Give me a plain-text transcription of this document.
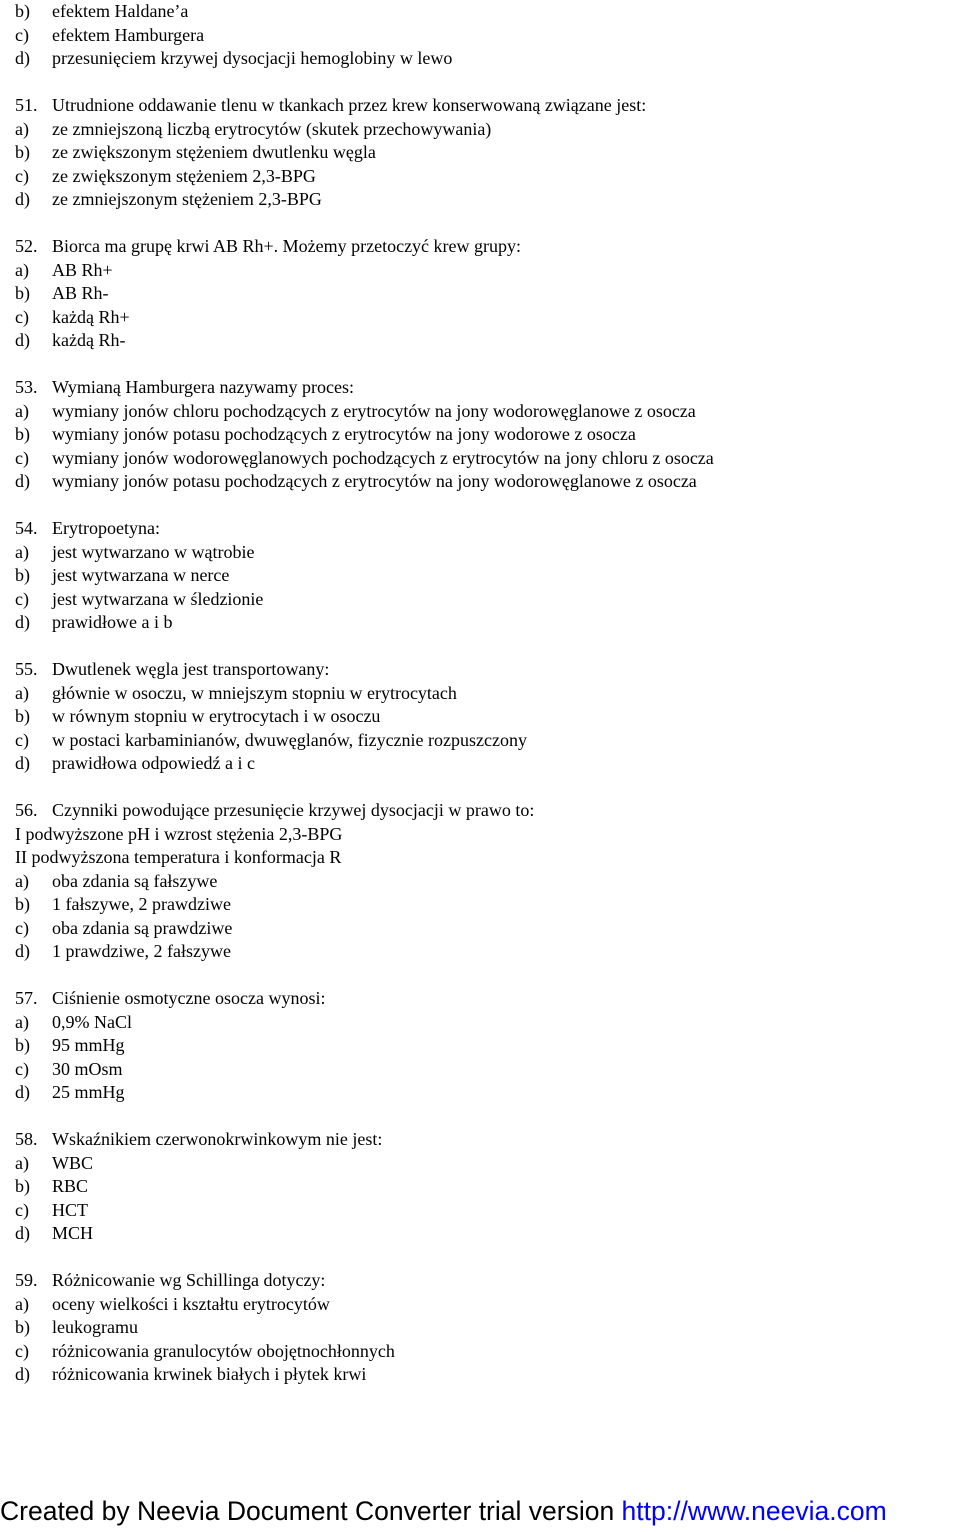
b) efektem Haldane’a
c) efektem Hamburgera
d) przesunięciem krzywej dysocjacji hemoglobiny w lewo
51. Utrudnione oddawanie tlenu w tkankach przez krew konserwowaną związane jest:
a) ze zmniejszoną liczbą erytrocytów (skutek przechowywania)
b) ze zwiększonym stężeniem dwutlenku węgla
c) ze zwiększonym stężeniem 2,3-BPG
d) ze zmniejszonym stężeniem 2,3-BPG
52. Biorca ma grupę krwi AB Rh+. Możemy przetoczyć krew grupy:
a) AB Rh+
b) AB Rh-
c) każdą Rh+
d) każdą Rh-
53. Wymianą Hamburgera nazywamy proces:
a) wymiany jonów chloru pochodzących z erytrocytów na jony wodorowęglanowe z osocza
b) wymiany jonów potasu pochodzących z erytrocytów na jony wodorowe z osocza
c) wymiany jonów wodorowęglanowych pochodzących z erytrocytów na jony chloru z osocza
d) wymiany jonów potasu pochodzących z erytrocytów na jony wodorowęglanowe z osocza
54. Erytropoetyna:
a) jest wytwarzano w wątrobie
b) jest wytwarzana w nerce
c) jest wytwarzana w śledzionie
d) prawidłowe a i b
55. Dwutlenek węgla jest transportowany:
a) głównie w osoczu, w mniejszym stopniu w erytrocytach
b) w równym stopniu w erytrocytach i w osoczu
c) w postaci karbaminianów, dwuwęglanów, fizycznie rozpuszczony
d) prawidłowa odpowiedź a i c
56. Czynniki powodujące przesunięcie krzywej dysocjacji w prawo to:
I podwyższone pH i wzrost stężenia 2,3-BPG
II podwyższona temperatura i konformacja R
a) oba zdania są fałszywe
b) 1 fałszywe, 2 prawdziwe
c) oba zdania są prawdziwe
d) 1 prawdziwe, 2 fałszywe
57. Ciśnienie osmotyczne osocza wynosi:
a) 0,9% NaCl
b) 95 mmHg
c) 30 mOsm
d) 25 mmHg
58. Wskaźnikiem czerwonokrwinkowym nie jest:
a) WBC
b) RBC
c) HCT
d) MCH
59. Różnicowanie wg Schillinga dotyczy:
a) oceny wielkości i kształtu erytrocytów
b) leukogramu
c) różnicowania granulocytów obojętnochłonnych
d) różnicowania krwinek białych i płytek krwi
Created by Neevia Document Converter trial version http://www.neevia.com
